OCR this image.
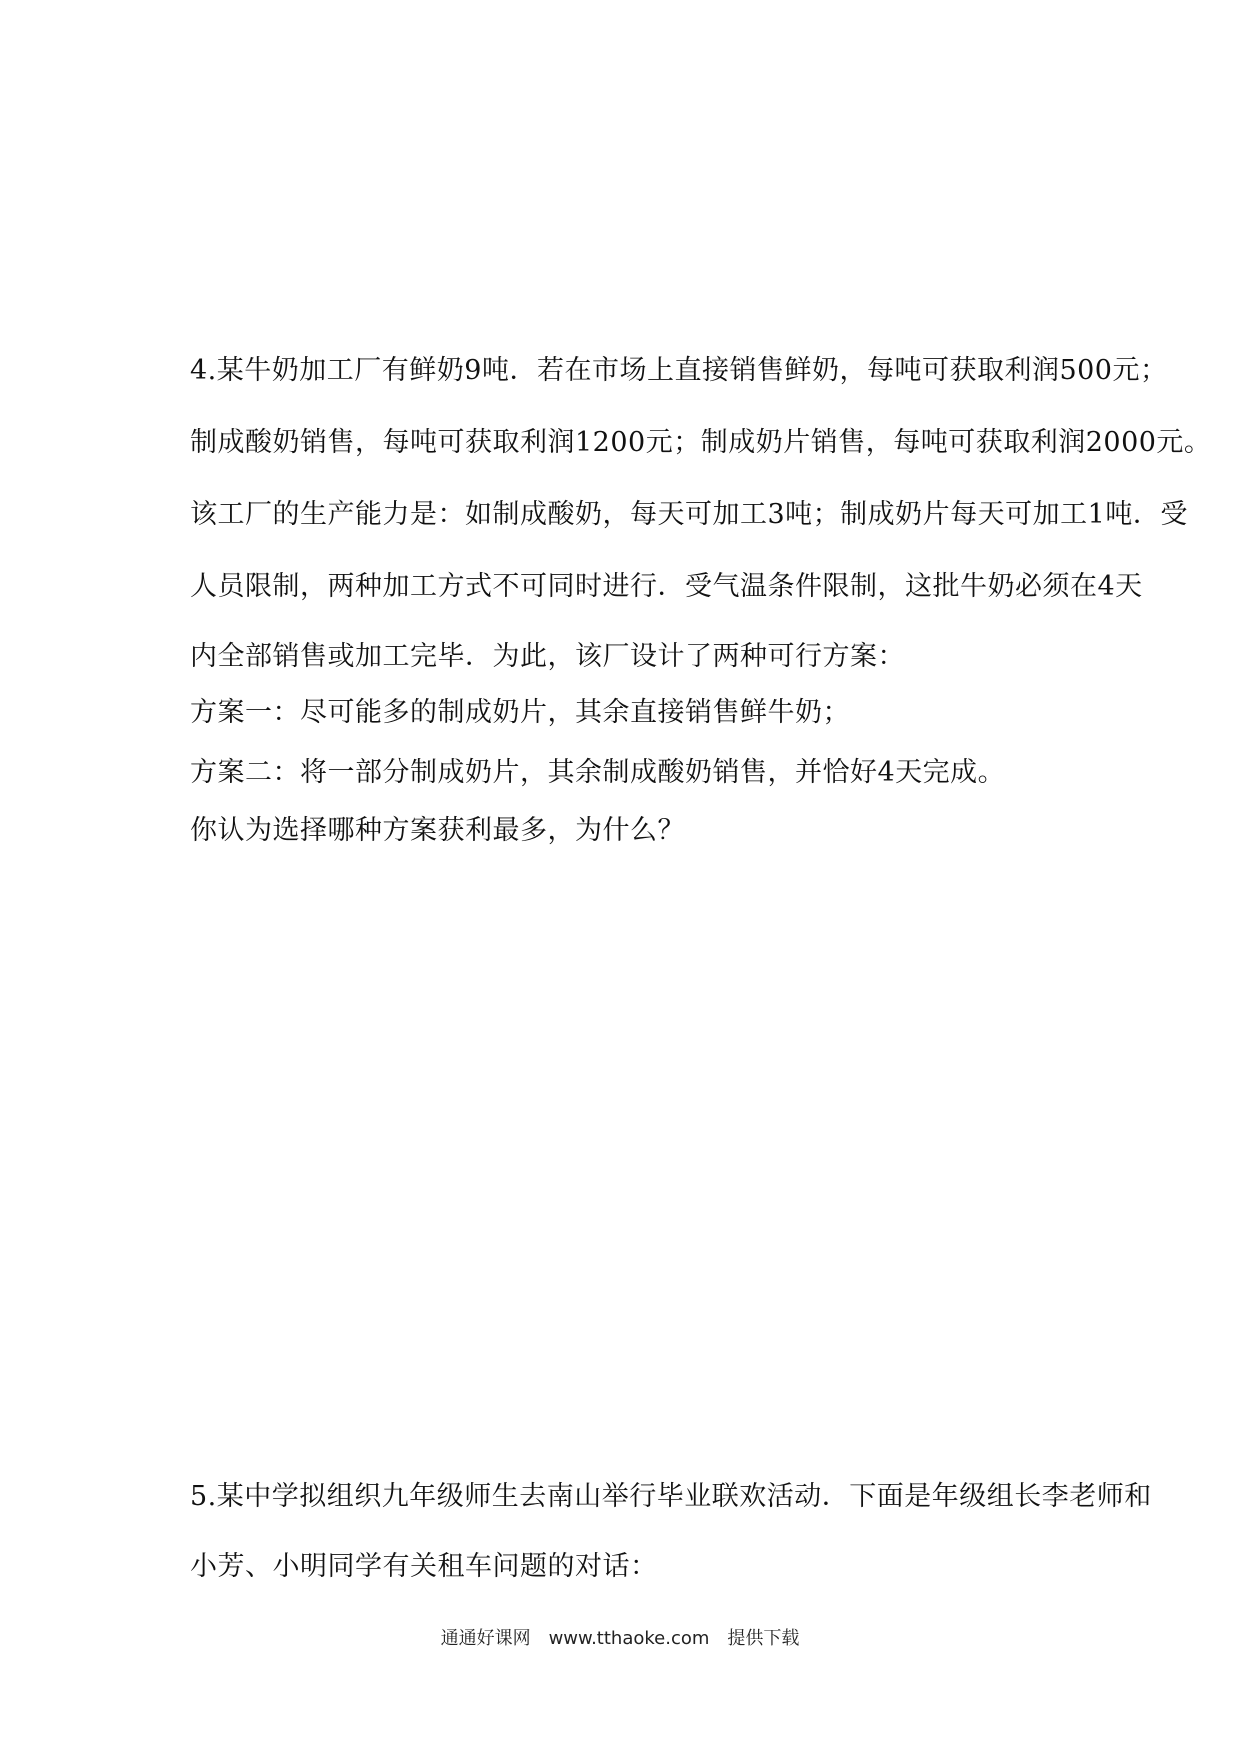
4.某牛奶加工厂有鲜奶9吨．若在市场上直接销售鲜奶，每吨可获取利润500元；
制成酸奶销售，每吨可获取利润1200元；制成奶片销售，每吨可获取利润2000元。
该工厂的生产能力是：如制成酸奶，每天可加工3吨；制成奶片每天可加工1吨．受
人员限制，两种加工方式不可同时进行．受气温条件限制，这批牛奶必须在4天
内全部销售或加工完毕．为此，该厂设计了两种可行方案：
方案一：尽可能多的制成奶片，其余直接销售鲜牛奶；
方案二：将一部分制成奶片，其余制成酸奶销售，并恰好4天完成。
你认为选择哪种方案获利最多，为什么？
5.某中学拟组织九年级师生去南山举行毕业联欢活动．下面是年级组长李老师和
小芳、小明同学有关租车问题的对话：
通通好课网　www.tthaoke.com　提供下载
